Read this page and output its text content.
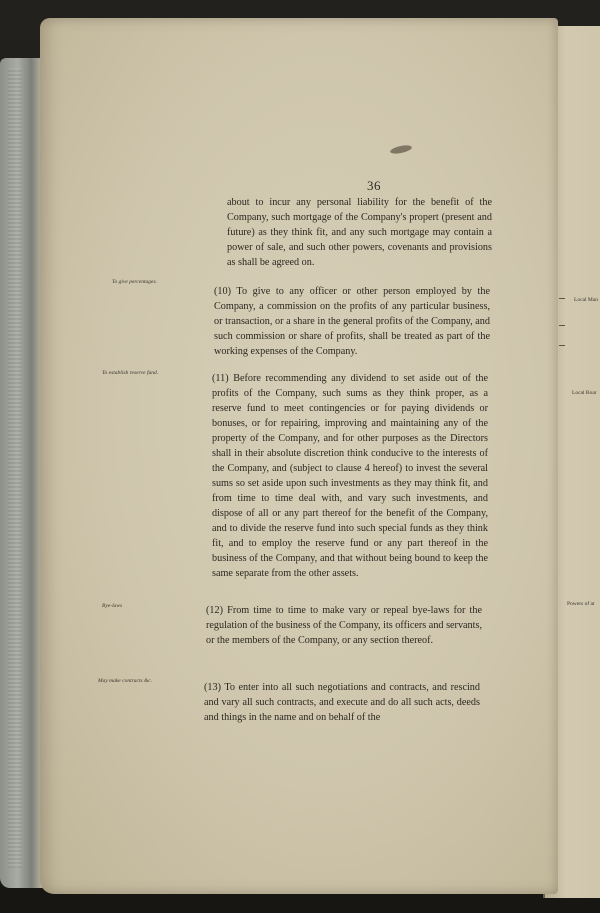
Local Man
Local Boar
Powers of at
36
about to incur any personal liability for the benefit of the Company, such mortgage of the Company's propert (present and future) as they think fit, and any such mortgage may contain a power of sale, and such other powers, covenants and provisions as shall be agreed on.
To give percentages.
(10) To give to any officer or other person employed by the Company, a commission on the profits of any particular business, or transaction, or a share in the general profits of the Company, and such commission or share of profits, shall be treated as part of the working expenses of the Company.
To establish reserve fund.	(11) Before recommending any dividend to set aside out of the profits of the Company, such sums as they think proper, as a reserve fund to meet contingencies or for paying dividends or bonuses, or for repairing, improving and maintaining any of the property of the Company, and for other purposes as the Directors shall in their absolute discretion think conducive to the interests of the Company, and (subject to clause 4 hereof) to invest the several sums so set aside upon such investments as they may think fit, and from time to time deal with, and vary such investments, and dispose of all or any part thereof for the benefit of the Company, and to divide the reserve fund into such special funds as they think fit, and to employ the reserve fund or any part thereof in the business of the Company, and that without being bound to keep the same separate from the other assets.
Bye-laws	(12) From time to time to make vary or repeal bye-laws for the regulation of the business of the Company, its officers and servants, or the members of the Company, or any section thereof.
May make contracts &c.
(13) To enter into all such negotiations and contracts, and rescind and vary all such contracts, and execute and do all such acts, deeds and things in the name and on behalf of the
